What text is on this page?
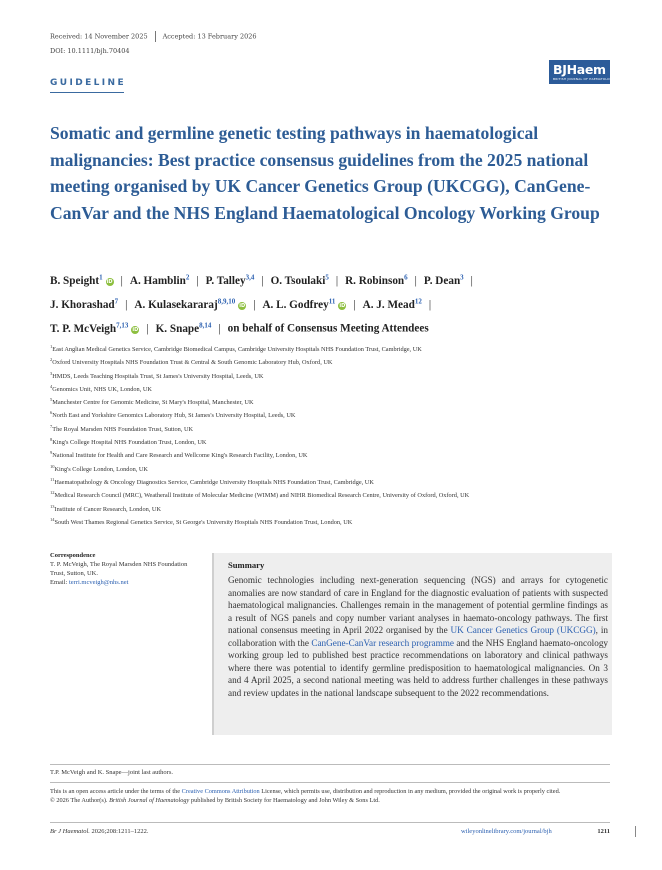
Received: 14 November 2025 Accepted: 13 February 2026
DOI: 10.1111/bjh.70404
GUIDELINE
BJHaem
BRITISH JOURNAL OF HAEMATOLOGY
Somatic and germline genetic testing pathways in haematological malignancies: Best practice consensus guidelines from the 2025 national meeting organised by UK Cancer Genetics Group (UKCGG), CanGene-CanVar and the NHS England Haematological Oncology Working Group
B. Speight$^1$iD | A. Hamblin$^2$ | P. Talley$^{3,4}$ | O. Tsoulaki$^5$ | R. Robinson$^6$ | P. Dean$^3$ |
J. Khorashad$^7$ | A. Kulasekararaj$^{8,9,10}$iD | A. L. Godfrey$^{11}$iD | A. J. Mead$^{12}$ |
T. P. McVeigh$^{7,13}$iD | K. Snape$^{8,14}$ | on behalf of Consensus Meeting Attendees
$^1$East Anglian Medical Genetics Service, Cambridge Biomedical Campus, Cambridge University Hospitals NHS Foundation Trust, Cambridge, UK
$^2$Oxford University Hospitals NHS Foundation Trust & Central & South Genomic Laboratory Hub, Oxford, UK
$^3$HMDS, Leeds Teaching Hospitals Trust, St James's University Hospital, Leeds, UK
$^4$Genomics Unit, NHS UK, London, UK
$^5$Manchester Centre for Genomic Medicine, St Mary's Hospital, Manchester, UK
$^6$North East and Yorkshire Genomics Laboratory Hub, St James's University Hospital, Leeds, UK
$^7$The Royal Marsden NHS Foundation Trust, Sutton, UK
$^8$King's College Hospital NHS Foundation Trust, London, UK
$^9$National Institute for Health and Care Research and Wellcome King's Research Facility, London, UK
$^{10}$King's College London, London, UK
$^{11}$Haematopathology & Oncology Diagnostics Service, Cambridge University Hospitals NHS Foundation Trust, Cambridge, UK
$^{12}$Medical Research Council (MRC), Weatherall Institute of Molecular Medicine (WIMM) and NIHR Biomedical Research Centre, University of Oxford, Oxford, UK
$^{13}$Institute of Cancer Research, London, UK
$^{14}$South West Thames Regional Genetics Service, St George's University Hospitals NHS Foundation Trust, London, UK
Correspondence
T. P. McVeigh, The Royal Marsden NHS Foundation Trust, Sutton, UK.
Email: terri.mcveigh@nhs.net
Summary

Genomic technologies including next-generation sequencing (NGS) and arrays for cytogenetic anomalies are now standard of care in England for the diagnostic evaluation of patients with suspected haematological malignancies. Challenges remain in the management of potential germline findings as a result of NGS panels and copy number variant analyses in haemato-oncology pathways. The first national consensus meeting in April 2022 organised by the UK Cancer Genetics Group (UKCGG), in collaboration with the CanGene-CanVar research programme and the NHS England haemato-oncology working group led to published best practice recommendations on laboratory and clinical pathways where there was potential to identify germline predisposition to haematological malignancies. On 3 and 4 April 2025, a second national meeting was held to address further challenges in these pathways and review updates in the national landscape subsequent to the 2022 recommendations.

T.P. McVeigh and K. Snape—joint last authors.
This is an open access article under the terms of the Creative Commons Attribution License, which permits use, distribution and reproduction in any medium, provided the original work is properly cited.
© 2026 The Author(s). British Journal of Haematology published by British Society for Haematology and John Wiley & Sons Ltd.
Br J Haematol. 2026;208:1211–1222.	wileyonlinelibrary.com/journal/bjh	1211
